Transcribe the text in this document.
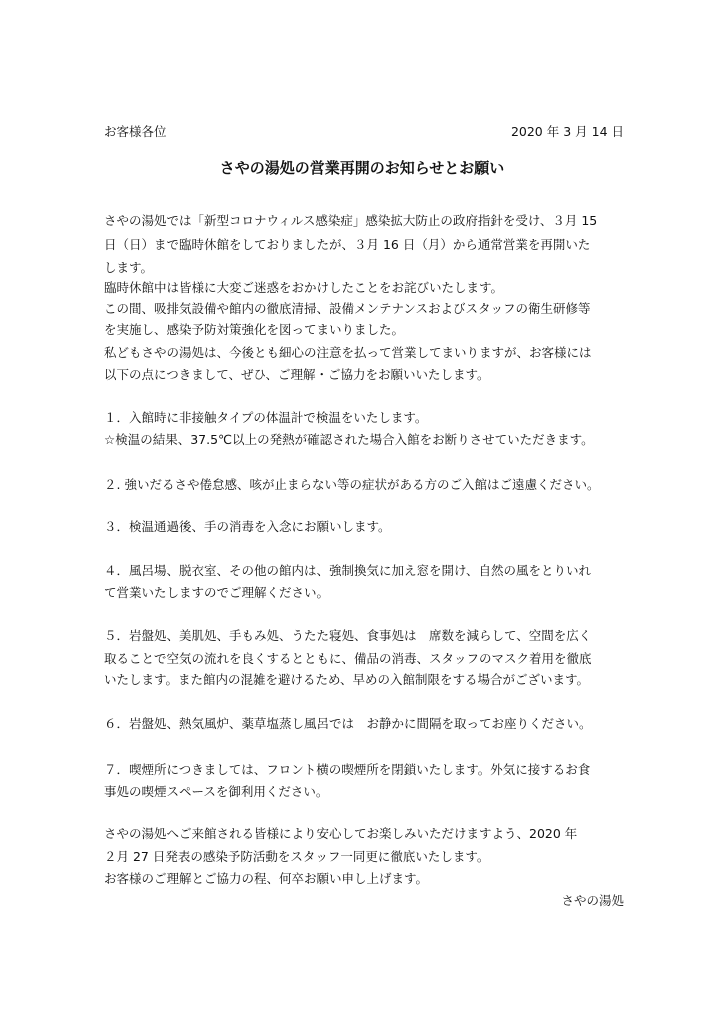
お客様各位	2020 年 3 月 14 日
さやの湯処の営業再開のお知らせとお願い
さやの湯処では「新型コロナウィルス感染症」感染拡大防止の政府指針を受け、３月 15
日（日）まで臨時休館をしておりましたが、３月 16 日（月）から通常営業を再開いた
します。
臨時休館中は皆様に大変ご迷惑をおかけしたことをお詫びいたします。
この間、吸排気設備や館内の徹底清掃、設備メンテナンスおよびスタッフの衛生研修等
を実施し、感染予防対策強化を図ってまいりました。
私どもさやの湯処は、今後とも細心の注意を払って営業してまいりますが、お客様には
以下の点につきまして、ぜひ、ご理解・ご協力をお願いいたします。
１．入館時に非接触タイプの体温計で検温をいたします。
☆検温の結果、37.5℃以上の発熱が確認された場合入館をお断りさせていただきます。
２. 強いだるさや倦怠感、咳が止まらない等の症状がある方のご入館はご遠慮ください。
３．検温通過後、手の消毒を入念にお願いします。
４．風呂場、脱衣室、その他の館内は、強制換気に加え窓を開け、自然の風をとりいれ
て営業いたしますのでご理解ください。
５．岩盤処、美肌処、手もみ処、うたた寝処、食事処は　席数を減らして、空間を広く
取ることで空気の流れを良くするとともに、備品の消毒、スタッフのマスク着用を徹底
いたします。また館内の混雑を避けるため、早めの入館制限をする場合がございます。
６．岩盤処、熱気風炉、薬草塩蒸し風呂では　お静かに間隔を取ってお座りください。
７．喫煙所につきましては、フロント横の喫煙所を閉鎖いたします。外気に接するお食
事処の喫煙スペースを御利用ください。
さやの湯処へご来館される皆様により安心してお楽しみいただけますよう、2020 年
２月 27 日発表の感染予防活動をスタッフ一同更に徹底いたします。
お客様のご理解とご協力の程、何卒お願い申し上げます。
さやの湯処
